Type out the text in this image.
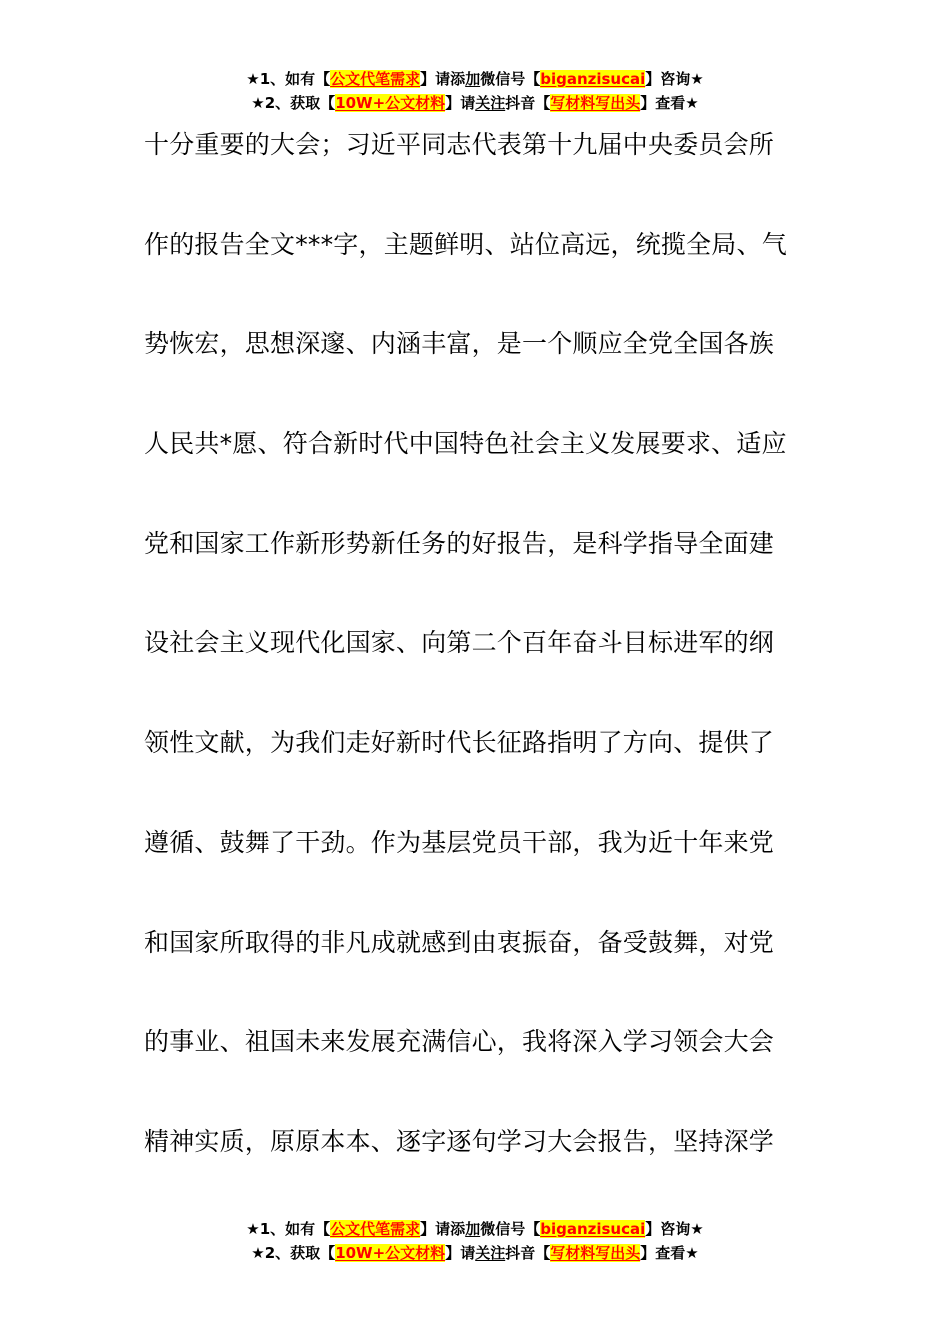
★1、如有【公文代笔需求】请添加微信号【biganzisucai】咨询★
★2、获取【10W+公文材料】请关注抖音【写材料写出头】查看★
十分重要的大会；习近平同志代表第十九届中央委员会所
作的报告全文***字，主题鲜明、站位高远，统揽全局、气
势恢宏，思想深邃、内涵丰富，是一个顺应全党全国各族
人民共*愿、符合新时代中国特色社会主义发展要求、适应
党和国家工作新形势新任务的好报告，是科学指导全面建
设社会主义现代化国家、向第二个百年奋斗目标进军的纲
领性文献，为我们走好新时代长征路指明了方向、提供了
遵循、鼓舞了干劲。作为基层党员干部，我为近十年来党
和国家所取得的非凡成就感到由衷振奋，备受鼓舞，对党
的事业、祖国未来发展充满信心，我将深入学习领会大会
精神实质，原原本本、逐字逐句学习大会报告，坚持深学
★1、如有【公文代笔需求】请添加微信号【biganzisucai】咨询★
★2、获取【10W+公文材料】请关注抖音【写材料写出头】查看★
